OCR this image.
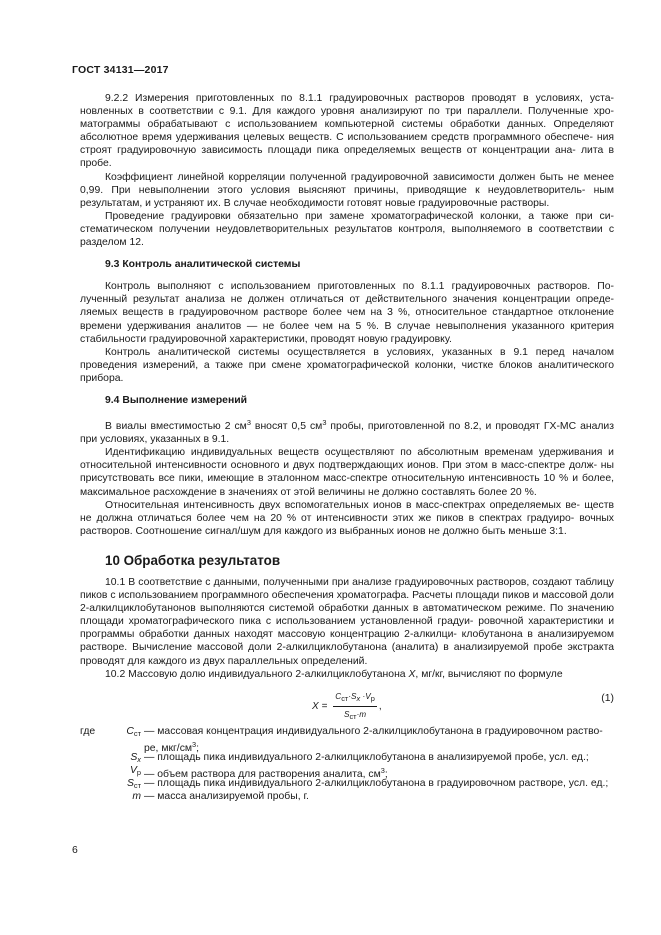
ГОСТ 34131—2017

9.2.2 Измерения приготовленных по 8.1.1 градуировочных растворов проводят в условиях, уста- новленных в соответствии с 9.1. Для каждого уровня анализируют по три параллели. Полученные хро- матограммы обрабатывают с использованием компьютерной системы обработки данных. Определяют абсолютное время удерживания целевых веществ. С использованием средств программного обеспече- ния строят градуировочную зависимость площади пика определяемых веществ от концентрации ана- лита в пробе.

Коэффициент линейной корреляции полученной градуировочной зависимости должен быть не менее 0,99. При невыполнении этого условия выясняют причины, приводящие к неудовлетворитель- ным результатам, и устраняют их. В случае необходимости готовят новые градуировочные растворы.

Проведение градуировки обязательно при замене хроматографической колонки, а также при си- стематическом получении неудовлетворительных результатов контроля, выполняемого в соответствии с разделом 12.

9.3 Контроль аналитической системы

Контроль выполняют с использованием приготовленных по 8.1.1 градуировочных растворов. По- лученный результат анализа не должен отличаться от действительного значения концентрации опреде- ляемых веществ в градуировочном растворе более чем на 3 %, относительное стандартное отклонение времени удерживания аналитов — не более чем на 5 %. В случае невыполнения указанного критерия стабильности градуировочной характеристики, проводят новую градуировку.

Контроль аналитической системы осуществляется в условиях, указанных в 9.1 перед началом проведения измерений, а также при смене хроматографической колонки, чистке блоков аналитического прибора.

9.4 Выполнение измерений

В виалы вместимостью 2 $см^3$ вносят 0,5 $см^3$ пробы, приготовленной по 8.2, и проводят ГХ-МС анализ при условиях, указанных в 9.1.

Идентификацию индивидуальных веществ осуществляют по абсолютным временам удерживания и относительной интенсивности основного и двух подтверждающих ионов. При этом в масс-спектре долж- ны присутствовать все пики, имеющие в эталонном масс-спектре относительную интенсивность 10 % и более, максимальное расхождение в значениях от этой величины не должно составлять более 20 %.

Относительная интенсивность двух вспомогательных ионов в масс-спектрах определяемых ве- ществ не должна отличаться более чем на 20 % от интенсивности этих же пиков в спектрах градуиро- вочных растворов. Соотношение сигнал/шум для каждого из выбранных ионов не должно быть меньше 3:1.

10 Обработка результатов

10.1 В соответствие с данными, полученными при анализе градуировочных растворов, создают таблицу пиков с использованием программного обеспечения хроматографа. Расчеты площади пиков и массовой доли 2-алкилциклобутанонов выполняются системой обработки данных в автоматическом режиме. По значению площади хроматографического пика с использованием установленной градуи- ровочной характеристики и программы обработки данных находят массовую концентрацию 2-алкилци- клобутанона в анализируемом растворе. Вычисление массовой доли 2-алкилциклобутанона (аналита) в анализируемой пробе экстракта проводят для каждого из двух параллельных определений.

10.2 Массовую долю индивидуального 2-алкилциклобутанона X, мг/кг, вычисляют по формуле

$X = \frac{\text{Cст·Sx ·Vр}}{\text{Sст·m}}$ ,
(1)
где	$C_{ст}$ — массовая концентрация индивидуального 2-алкилциклобутанона в градуировочном раство-
ре, мкг/$см^3$;
$S_x$ — площадь пика индивидуального 2-алкилциклобутанона в анализируемой пробе, усл. ед.;
$V_р$ — объем раствора для растворения аналита, $см^3$;
$S_{ст}$ — площадь пика индивидуального 2-алкилциклобутанона в градуировочном растворе, усл. ед.;
m — масса анализируемой пробы, г.
6
